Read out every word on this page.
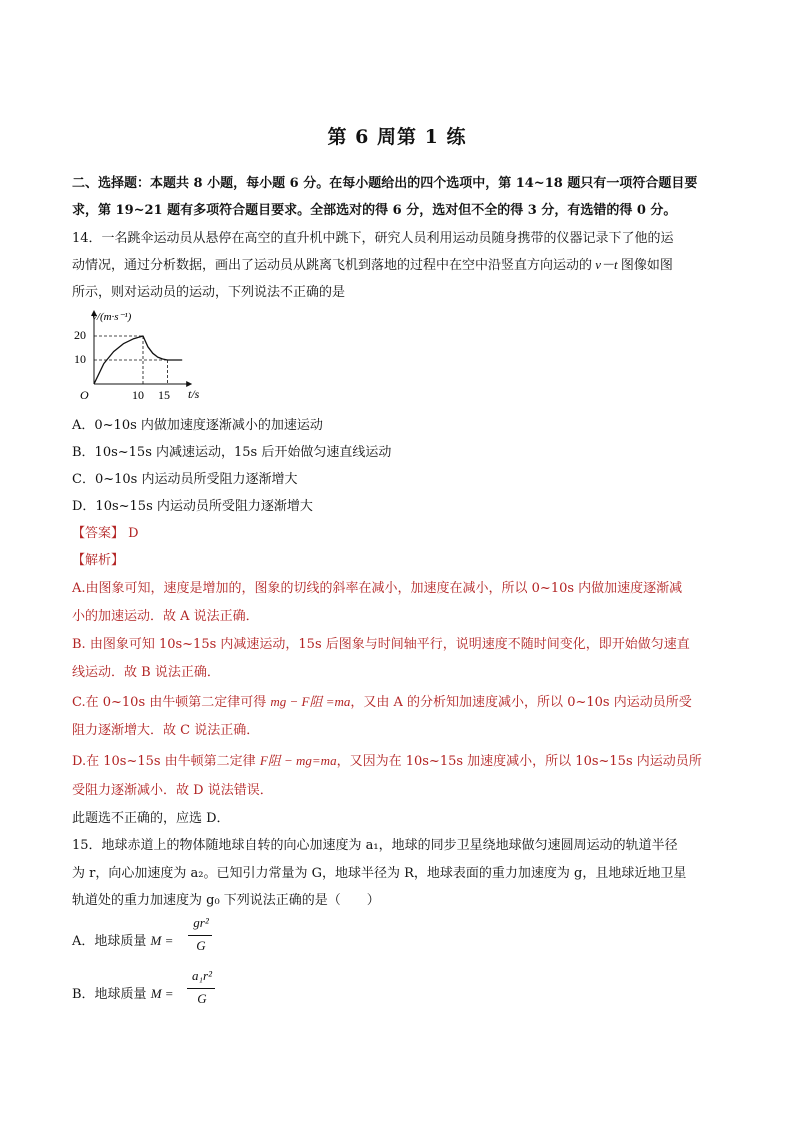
第 6 周第 1 练
二、选择题：本题共 8 小题，每小题 6 分。在每小题给出的四个选项中，第 14~18 题只有一项符合题目要
求，第 19~21 题有多项符合题目要求。全部选对的得 6 分，选对但不全的得 3 分，有选错的得 0 分。
14．一名跳伞运动员从悬停在高空的直升机中跳下，研究人员利用运动员随身携带的仪器记录下了他的运
动情况，通过分析数据，画出了运动员从跳离飞机到落地的过程中在空中沿竖直方向运动的 v－t 图像如图
所示，则对运动员的运动，下列说法不正确的是
v/(m·s⁻¹)
t/s
O
20
10
10 15
A．0~10s 内做加速度逐渐减小的加速运动
B．10s~15s 内减速运动，15s 后开始做匀速直线运动
C．0~10s 内运动员所受阻力逐渐增大
D．10s~15s 内运动员所受阻力逐渐增大
【答案】 D
【解析】
A.由图象可知，速度是增加的，图象的切线的斜率在减小，加速度在减小，所以 0~10s 内做加速度逐渐减
小的加速运动．故 A 说法正确．
B. 由图象可知 10s~15s 内减速运动，15s 后图象与时间轴平行，说明速度不随时间变化，即开始做匀速直
线运动．故 B 说法正确．
C.在 0~10s 由牛顿第二定律可得 mg − F阻 =ma，又由 A 的分析知加速度减小，所以 0~10s 内运动员所受
阻力逐渐增大．故 C 说法正确．
D.在 10s~15s 由牛顿第二定律 F阻 − mg=ma，又因为在 10s~15s 加速度减小，所以 10s~15s 内运动员所
受阻力逐渐减小．故 D 说法错误．
此题选不正确的，应选 D．
15．地球赤道上的物体随地球自转的向心加速度为 a₁，地球的同步卫星绕地球做匀速圆周运动的轨道半径
为 r，向心加速度为 a₂。已知引力常量为 G，地球半径为 R，地球表面的重力加速度为 g，且地球近地卫星
轨道处的重力加速度为 g₀ 下列说法正确的是（　　）
A．地球质量 M =
gr²
G
B．地球质量 M =
a₁r²
G
